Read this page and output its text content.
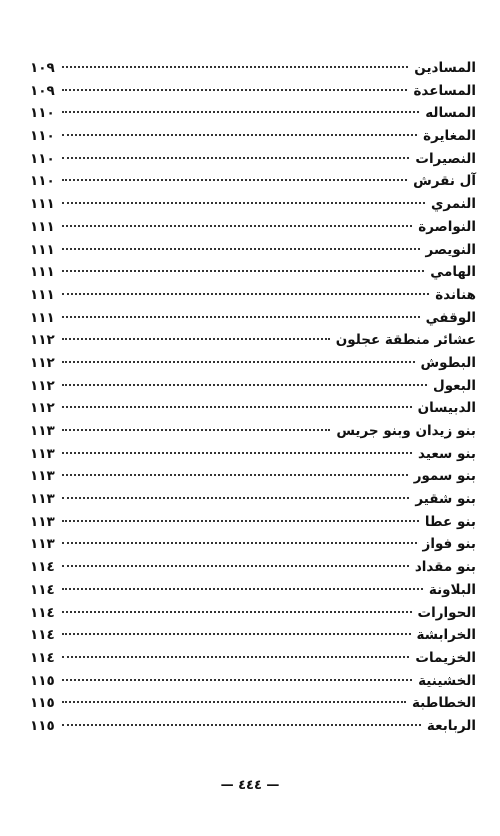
المسادين
١٠٩
المساعدة
١٠٩
المساله
١١٠
المغايرة
١١٠
النصيرات
١١٠
آل نقرش
١١٠
النمري
١١١
النواصرة
١١١
النويصر
١١١
الهامي
١١١
هناندة
١١١
الوقفي
١١١
عشائر منطقة عجلون
١١٢
البطوش
١١٢
البعول
١١٢
الدبيسان
١١٢
بنو زيدان وبنو جريس
١١٣
بنو سعيد
١١٣
بنو سمور
١١٣
بنو شقير
١١٣
بنو عطا
١١٣
بنو فواز
١١٣
بنو مقداد
١١٤
البلاونة
١١٤
الحوارات
١١٤
الخرابشة
١١٤
الخزيمات
١١٤
الخشينية
١١٥
الخطاطبة
١١٥
الربابعة
١١٥
— ٤٤٤ —
